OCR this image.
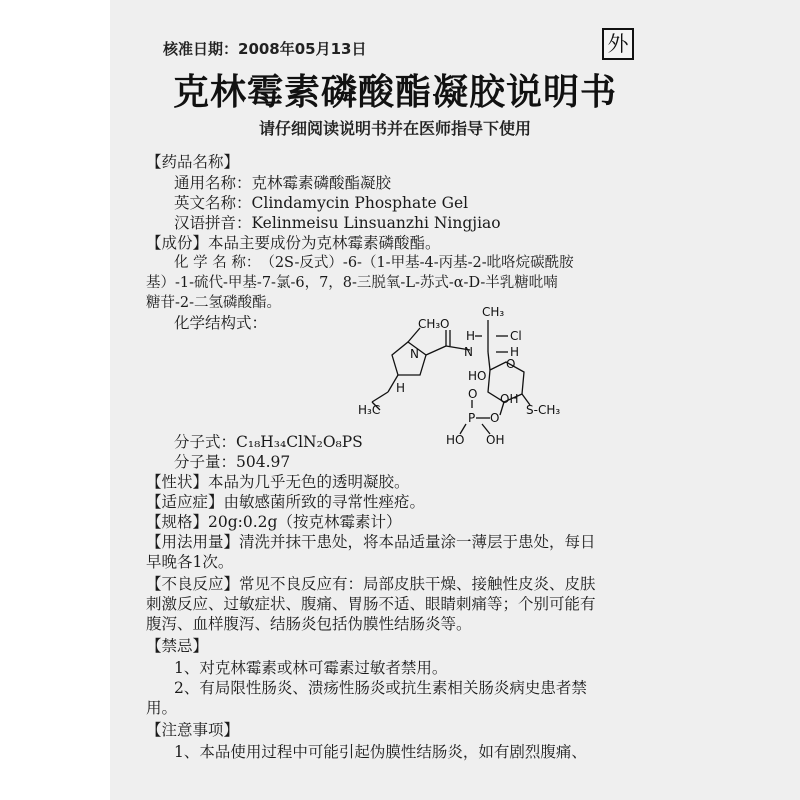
核准日期：2008年05月13日	外
克林霉素磷酸酯凝胶说明书
请仔细阅读说明书并在医师指导下使用
【药品名称】
通用名称：克林霉素磷酸酯凝胶
英文名称：Clindamycin Phosphate Gel
汉语拼音：Kelinmeisu Linsuanzhi Ningjiao
【成份】本品主要成份为克林霉素磷酸酯。
化 学 名 称：　（2S-反式）-6-（1-甲基-4-丙基-2-吡咯烷碳酰胺
基）-1-硫代-甲基-7-氯-6，7，8-三脱氧-L-苏式-α-D-半乳糖吡喃
糖苷-2-二氢磷酸酯。
化学结构式：	CH₃
N
O
CH₃
H	Cl
N	H
H
HO
O
H₃C	S-CH₃
OH
O
O
P
HO OH
分子式：C₁₈H₃₄ClN₂O₈PS
分子量：504.97
【性状】本品为几乎无色的透明凝胶。
【适应症】由敏感菌所致的寻常性痤疮。
【规格】20g:0.2g（按克林霉素计）
【用法用量】清洗并抹干患处，将本品适量涂一薄层于患处，每日
早晚各1次。
【不良反应】常见不良反应有：局部皮肤干燥、接触性皮炎、皮肤
刺激反应、过敏症状、腹痛、胃肠不适、眼睛刺痛等；个别可能有
腹泻、血样腹泻、结肠炎包括伪膜性结肠炎等。
【禁忌】
1、对克林霉素或林可霉素过敏者禁用。
2、有局限性肠炎、溃疡性肠炎或抗生素相关肠炎病史患者禁
用。
【注意事项】
1、本品使用过程中可能引起伪膜性结肠炎，如有剧烈腹痛、
